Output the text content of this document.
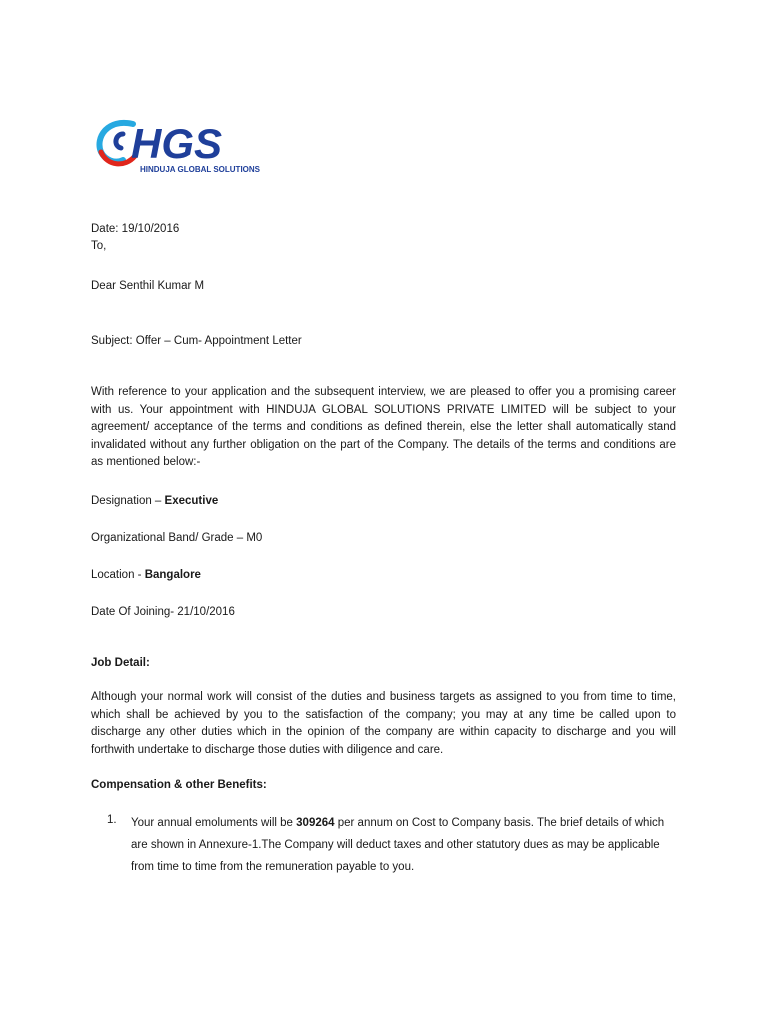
HGS
HINDUJA GLOBAL SOLUTIONS
Date: 19/10/2016
To,
Dear Senthil Kumar M
Subject: Offer – Cum- Appointment Letter
With reference to your application and the subsequent interview, we are pleased to offer you a promising career
with us. Your appointment with HINDUJA GLOBAL SOLUTIONS PRIVATE LIMITED will be subject to your
agreement/ acceptance of the terms and conditions as defined therein, else the letter shall automatically stand
invalidated without any further obligation on the part of the Company. The details of the terms and conditions are
as mentioned below:-
Designation – Executive
Organizational Band/ Grade – M0
Location - Bangalore
Date Of Joining- 21/10/2016
Job Detail:
Although your normal work will consist of the duties and business targets as assigned to you from time to time,
which shall be achieved by you to the satisfaction of the company; you may at any time be called upon to
discharge any other duties which in the opinion of the company are within capacity to discharge and you will
forthwith undertake to discharge those duties with diligence and care.
Compensation & other Benefits:
1. Your annual emoluments will be 309264 per annum on Cost to Company basis. The brief details of which
are shown in Annexure-1.The Company will deduct taxes and other statutory dues as may be applicable
from time to time from the remuneration payable to you.
